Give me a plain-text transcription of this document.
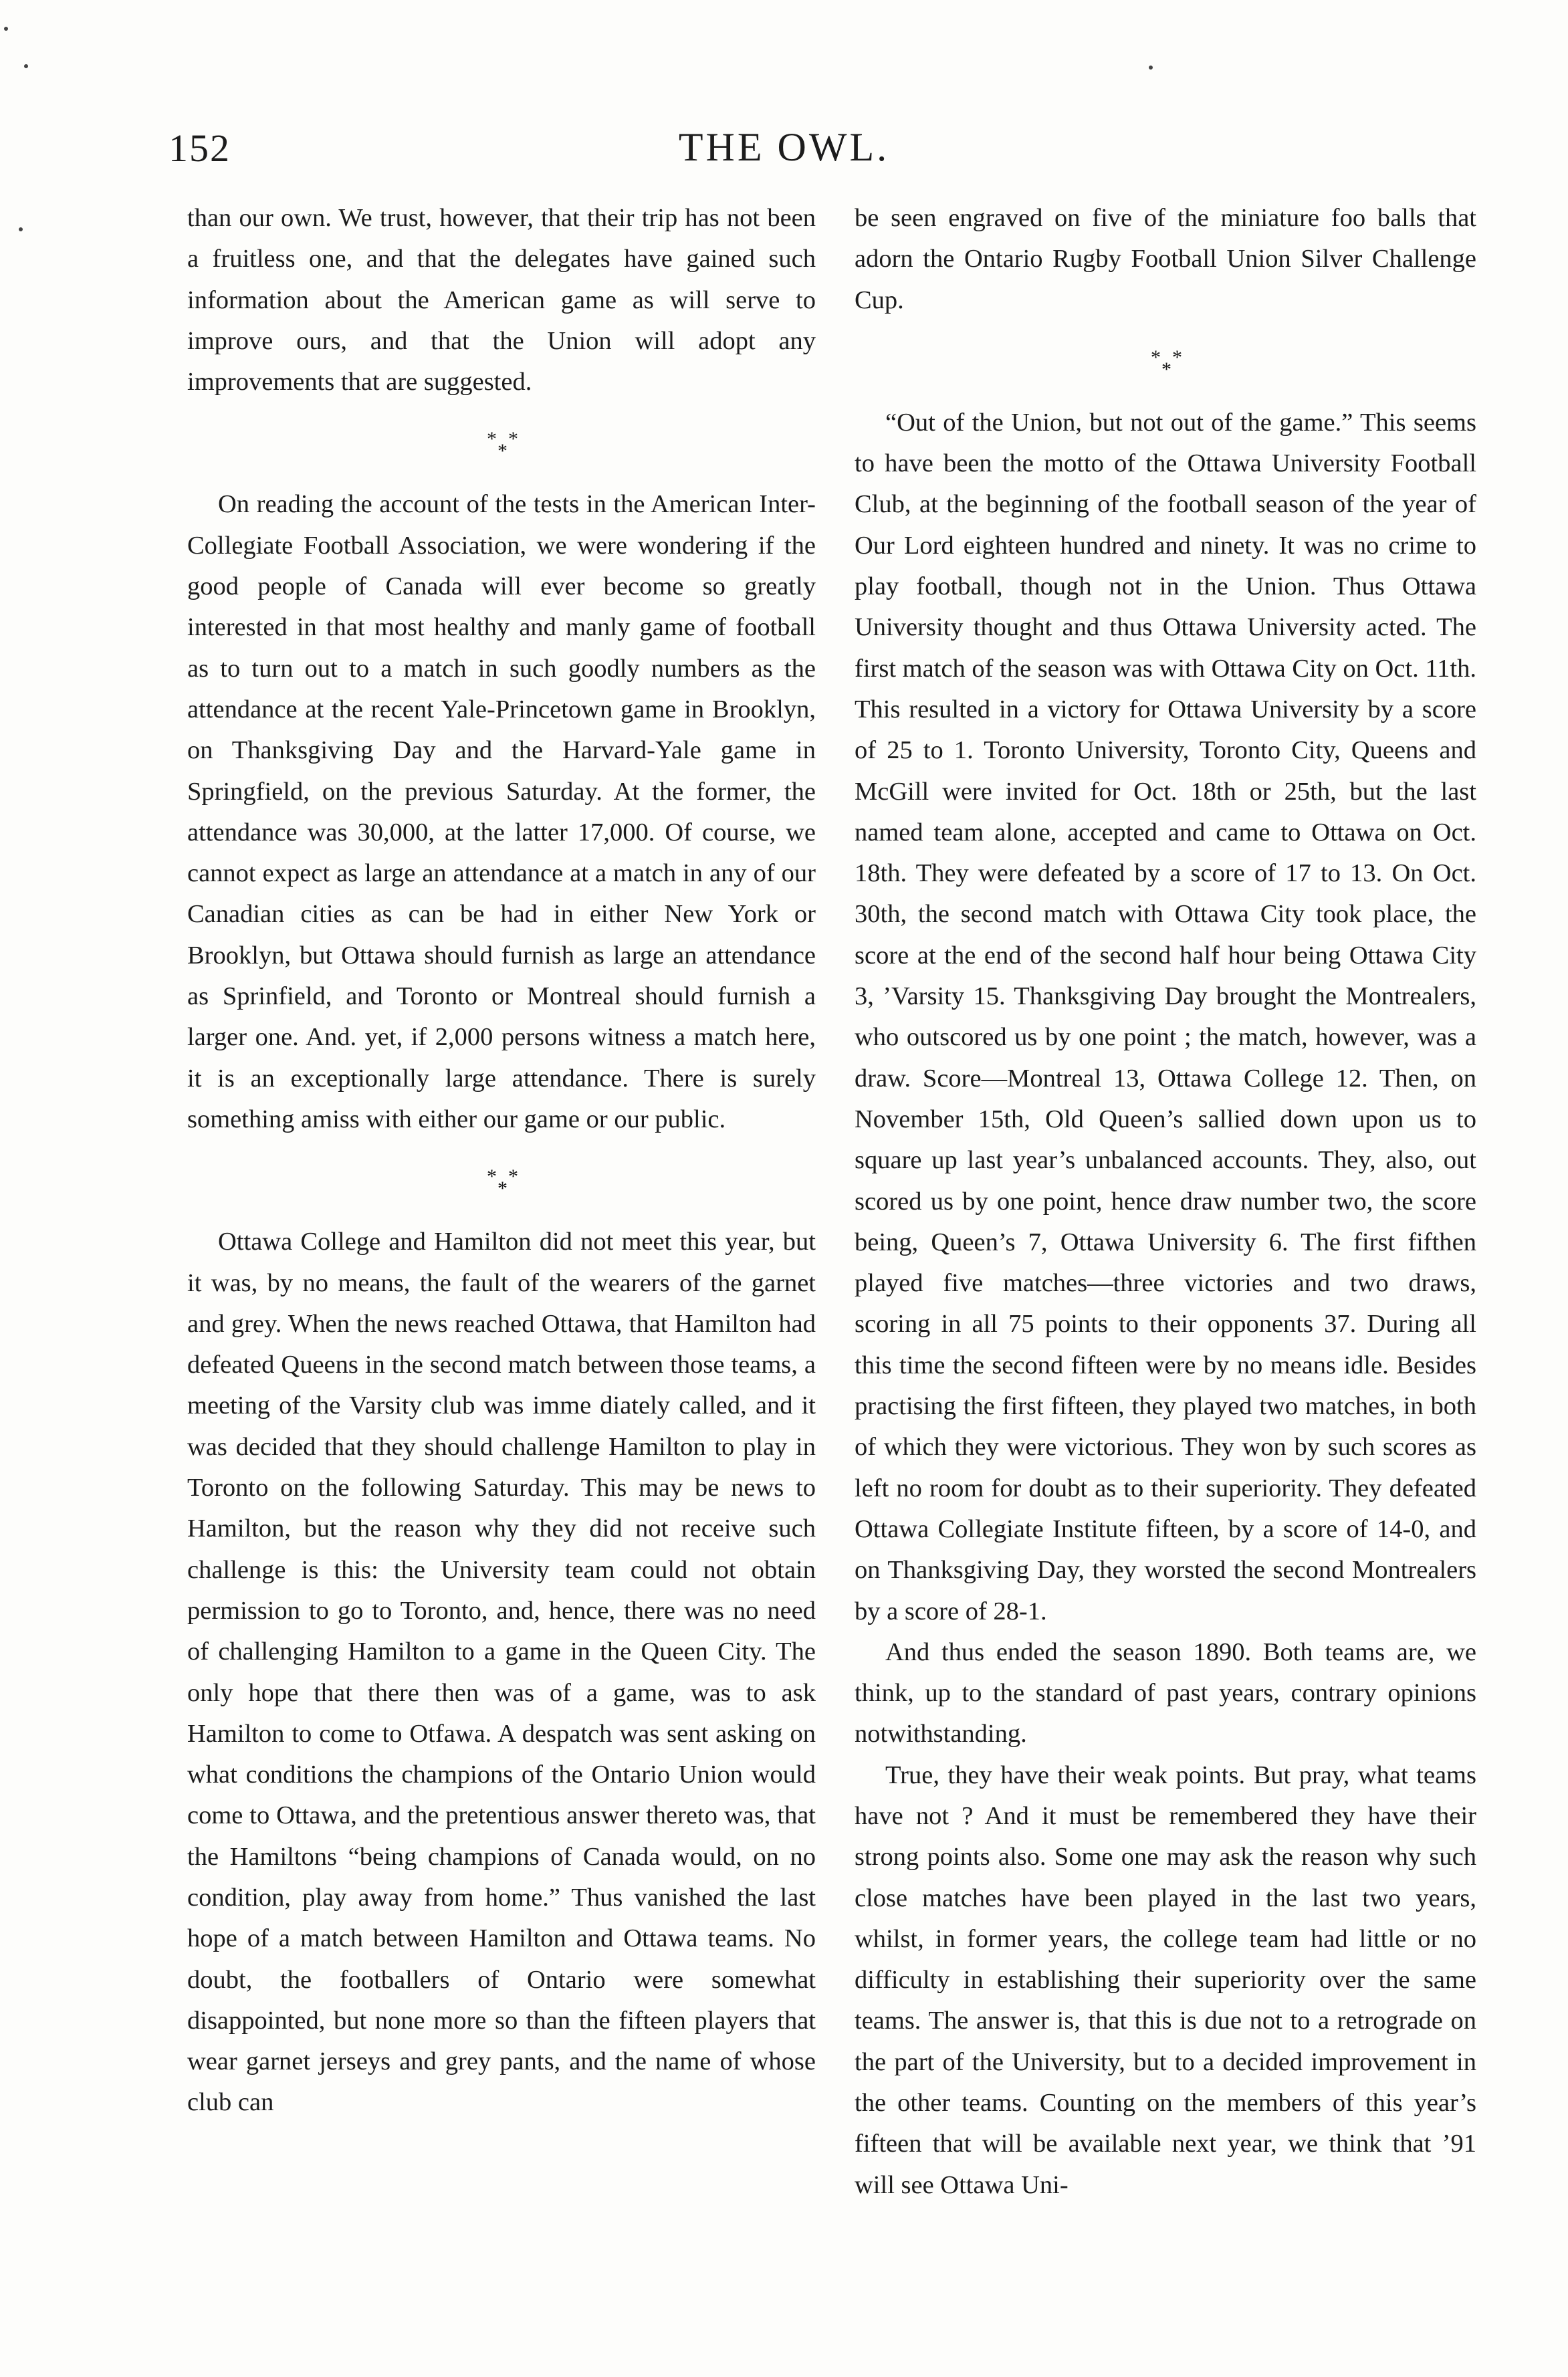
152	THE OWL.

than our own. We trust, however, that their trip has not been a fruitless one, and that the delegates have gained such information about the American game as will serve to improve ours, and that the Union will adopt any improvements that are suggested.

* *
*

On reading the account of the tests in the American Inter-Collegiate Football Association, we were wondering if the good people of Canada will ever become so greatly interested in that most healthy and manly game of football as to turn out to a match in such goodly numbers as the attendance at the recent Yale-Princetown game in Brooklyn, on Thanksgiving Day and the Harvard-Yale game in Springfield, on the previous Saturday. At the former, the attendance was 30,000, at the latter 17,000. Of course, we cannot expect as large an attendance at a match in any of our Canadian cities as can be had in either New York or Brooklyn, but Ottawa should furnish as large an attendance as Sprinfield, and Toronto or Montreal should furnish a larger one. And. yet, if 2,000 persons witness a match here, it is an exceptionally large attendance. There is surely something amiss with either our game or our public.

* *
*

Ottawa College and Hamilton did not meet this year, but it was, by no means, the fault of the wearers of the garnet and grey. When the news reached Ottawa, that Hamilton had defeated Queens in the second match between those teams, a meeting of the Varsity club was imme diately called, and it was decided that they should challenge Hamilton to play in Toronto on the following Saturday. This may be news to Hamilton, but the reason why they did not receive such challenge is this: the University team could not obtain permission to go to Toronto, and, hence, there was no need of challenging Hamilton to a game in the Queen City. The only hope that there then was of a game, was to ask Hamilton to come to Otfawa. A despatch was sent asking on what conditions the champions of the Ontario Union would come to Ottawa, and the pretentious answer thereto was, that the Hamiltons “being champions of Canada would, on no condition, play away from home.” Thus vanished the last hope of a match between Hamilton and Ottawa teams. No doubt, the footballers of Ontario were somewhat disappointed, but none more so than the fifteen players that wear garnet jerseys and grey pants, and the name of whose club can

be seen engraved on five of the miniature foo balls that adorn the Ontario Rugby Football Union Silver Challenge Cup.

* *
*

“Out of the Union, but not out of the game.” This seems to have been the motto of the Ottawa University Football Club, at the beginning of the football season of the year of Our Lord eighteen hundred and ninety. It was no crime to play football, though not in the Union. Thus Ottawa University thought and thus Ottawa University acted. The first match of the season was with Ottawa City on Oct. 11th. This resulted in a victory for Ottawa University by a score of 25 to 1. Toronto University, Toronto City, Queens and McGill were invited for Oct. 18th or 25th, but the last named team alone, accepted and came to Ottawa on Oct. 18th. They were defeated by a score of 17 to 13. On Oct. 30th, the second match with Ottawa City took place, the score at the end of the second half hour being Ottawa City 3, ’Varsity 15. Thanksgiving Day brought the Montrealers, who outscored us by one point ; the match, however, was a draw. Score—Montreal 13, Ottawa College 12. Then, on November 15th, Old Queen’s sallied down upon us to square up last year’s unbalanced accounts. They, also, out scored us by one point, hence draw number two, the score being, Queen’s 7, Ottawa University 6. The first fifthen played five matches—three victories and two draws, scoring in all 75 points to their opponents 37. During all this time the second fifteen were by no means idle. Besides practising the first fifteen, they played two matches, in both of which they were victorious. They won by such scores as left no room for doubt as to their superiority. They defeated Ottawa Collegiate Institute fifteen, by a score of 14-0, and on Thanksgiving Day, they worsted the second Montrealers by a score of 28-1.

And thus ended the season 1890. Both teams are, we think, up to the standard of past years, contrary opinions notwithstanding.

True, they have their weak points. But pray, what teams have not ? And it must be remembered they have their strong points also. Some one may ask the reason why such close matches have been played in the last two years, whilst, in former years, the college team had little or no difficulty in establishing their superiority over the same teams. The answer is, that this is due not to a retrograde on the part of the University, but to a decided improvement in the other teams. Counting on the members of this year’s fifteen that will be available next year, we think that ’91 will see Ottawa Uni-
